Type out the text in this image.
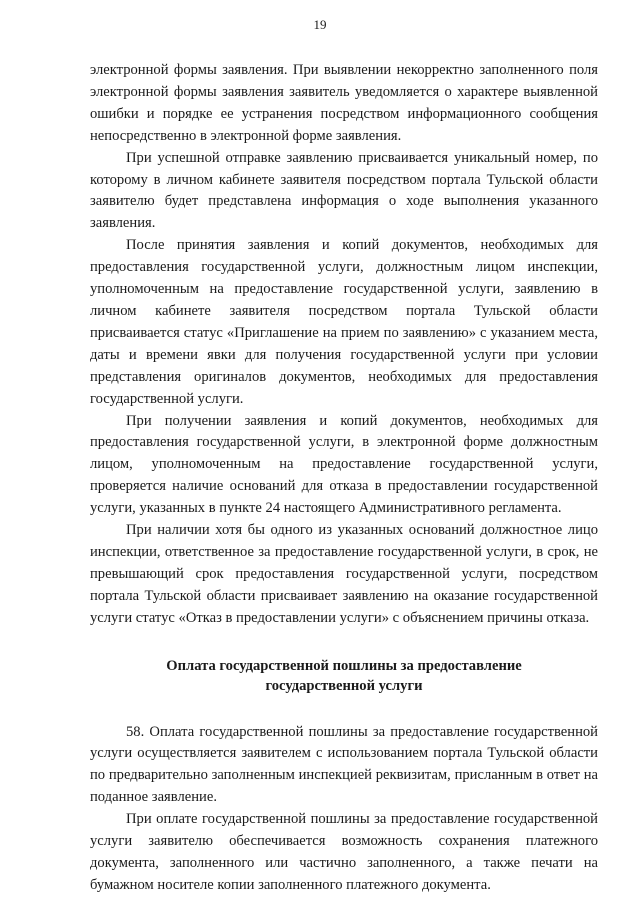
19

электронной формы заявления. При выявлении некорректно заполненного поля электронной формы заявления заявитель уведомляется о характере выявленной ошибки и порядке ее устранения посредством информационного сообщения непосредственно в электронной форме заявления.

При успешной отправке заявлению присваивается уникальный номер, по которому в личном кабинете заявителя посредством портала Тульской области заявителю будет представлена информация о ходе выполнения указанного заявления.

После принятия заявления и копий документов, необходимых для предоставления государственной услуги, должностным лицом инспекции, уполномоченным на предоставление государственной услуги, заявлению в личном кабинете заявителя посредством портала Тульской области присваивается статус «Приглашение на прием по заявлению» с указанием места, даты и времени явки для получения государственной услуги при условии представления оригиналов документов, необходимых для предоставления государственной услуги.

При получении заявления и копий документов, необходимых для предоставления государственной услуги, в электронной форме должностным лицом, уполномоченным на предоставление государственной услуги, проверяется наличие оснований для отказа в предоставлении государственной услуги, указанных в пункте 24 настоящего Административного регламента.

При наличии хотя бы одного из указанных оснований должностное лицо инспекции, ответственное за предоставление государственной услуги, в срок, не превышающий срок предоставления государственной услуги, посредством портала Тульской области присваивает заявлению на оказание государственной услуги статус «Отказ в предоставлении услуги» с объяснением причины отказа.

Оплата государственной пошлины за предоставление
государственной услуги

58. Оплата государственной пошлины за предоставление государственной услуги осуществляется заявителем с использованием портала Тульской области по предварительно заполненным инспекцией реквизитам, присланным в ответ на поданное заявление.

При оплате государственной пошлины за предоставление государственной услуги заявителю обеспечивается возможность сохранения платежного документа, заполненного или частично заполненного, а также печати на бумажном носителе копии заполненного платежного документа.
